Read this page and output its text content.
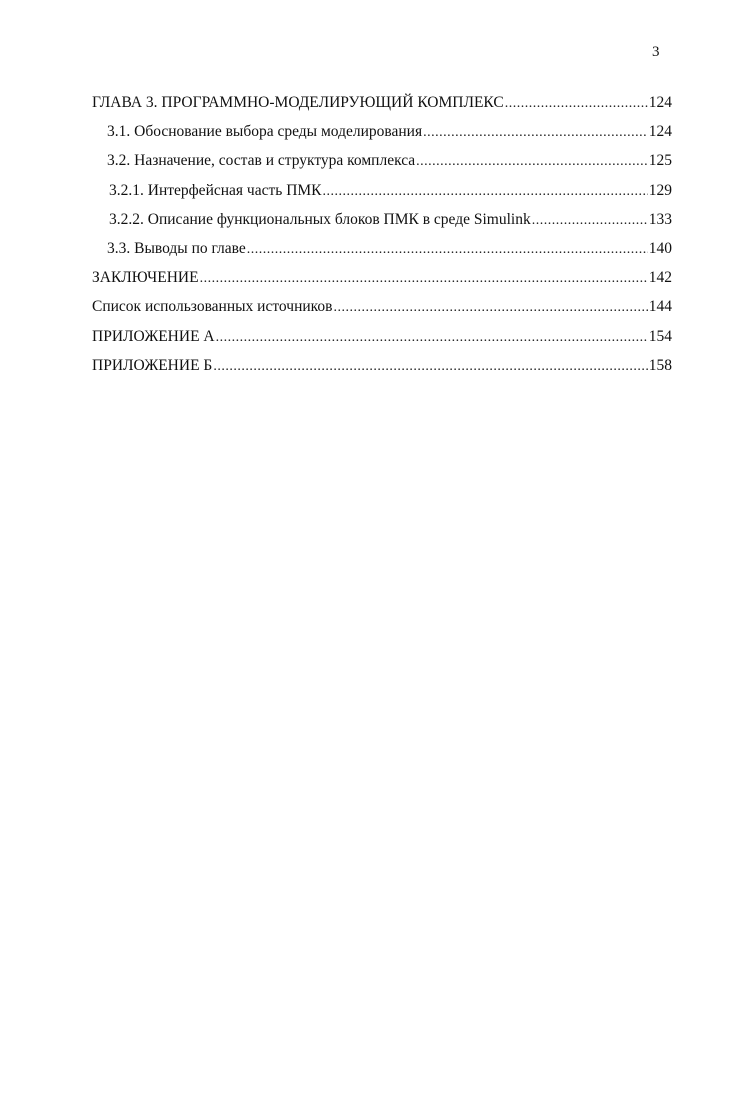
3
ГЛАВА 3. ПРОГРАММНО-МОДЕЛИРУЮЩИЙ КОМПЛЕКС .....	124
3.1. Обоснование выбора среды моделирования .....	124
3.2. Назначение, состав и структура комплекса .....	125
3.2.1. Интерфейсная часть ПМК .....	129
3.2.2. Описание функциональных блоков ПМК в среде Simulink .....	133
3.3. Выводы по главе .....	140
ЗАКЛЮЧЕНИЕ .....	142
Список использованных источников .....	144
ПРИЛОЖЕНИЕ А .....	154
ПРИЛОЖЕНИЕ Б .....	158
